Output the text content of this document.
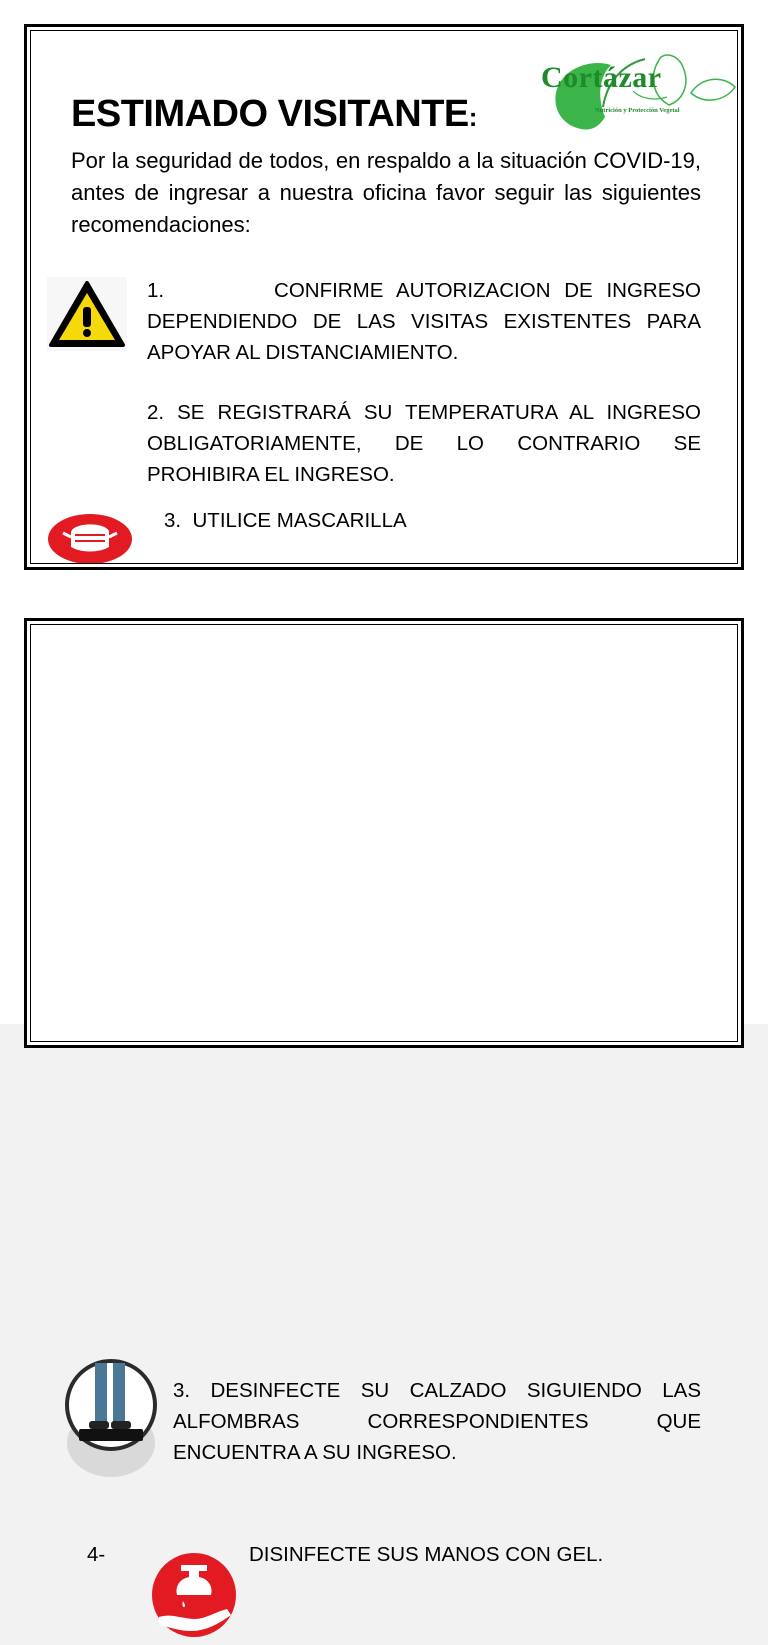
Cortázar

Nutrición y Protección Vegetal

ESTIMADO VISITANTE:

Por la seguridad de todos, en respaldo a la situación COVID-19, antes de ingresar a nuestra oficina favor seguir las siguientes recomendaciones:

1.        CONFIRME AUTORIZACION DE INGRESO DEPENDIENDO DE LAS VISITAS EXISTENTES PARA APOYAR AL DISTANCIAMIENTO.

2. SE REGISTRARÁ SU TEMPERATURA AL INGRESO OBLIGATORIAMENTE, DE LO CONTRARIO SE PROHIBIRA EL INGRESO.

3.  UTILICE MASCARILLA

3. DESINFECTE SU CALZADO SIGUIENDO LAS ALFOMBRAS CORRESPONDIENTES QUE ENCUENTRA A SU INGRESO.

4-	DISINFECTE SUS MANOS CON GEL.
